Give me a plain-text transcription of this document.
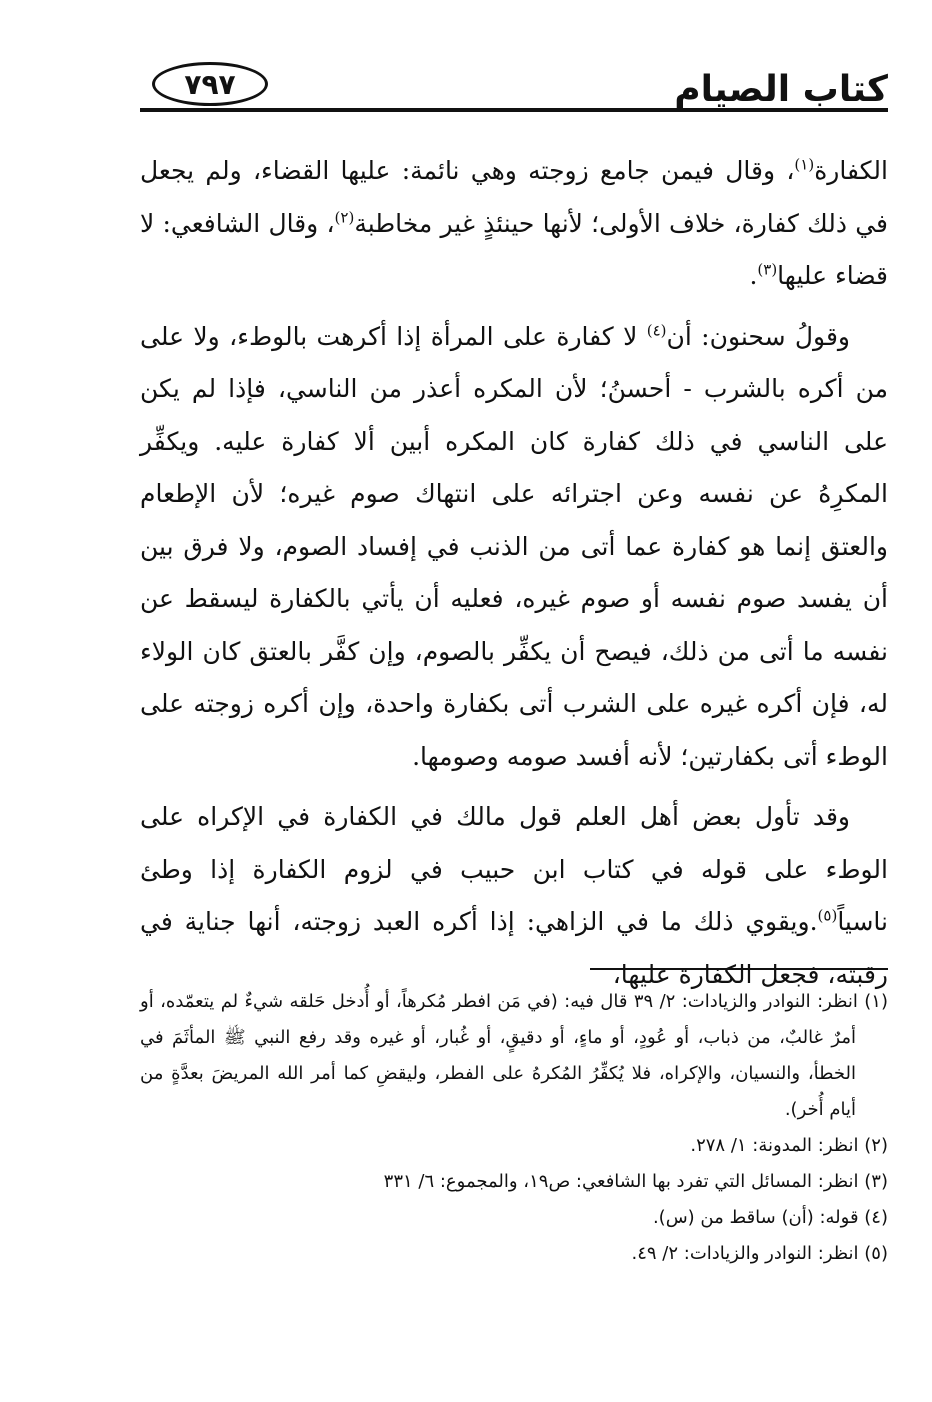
كتاب الصيام
٧٩٧

الكفارة$^{(١)}$، وقال فيمن جامع زوجته وهي نائمة: عليها القضاء، ولم يجعل في ذلك كفارة، خلاف الأولى؛ لأنها حينئذٍ غير مخاطبة$^{(٢)}$، وقال الشافعي: لا قضاء عليها$^{(٣)}$.

وقولُ سحنون: أن$^{(٤)}$ لا كفارة على المرأة إذا أكرهت بالوطء، ولا على من أكره بالشرب - أحسنُ؛ لأن المكره أعذر من الناسي، فإذا لم يكن على الناسي في ذلك كفارة كان المكره أبين ألا كفارة عليه. ويكفِّر المكرِهُ عن نفسه وعن اجترائه على انتهاك صوم غيره؛ لأن الإطعام والعتق إنما هو كفارة عما أتى من الذنب في إفساد الصوم، ولا فرق بين أن يفسد صوم نفسه أو صوم غيره، فعليه أن يأتي بالكفارة ليسقط عن نفسه ما أتى من ذلك، فيصح أن يكفِّر بالصوم، وإن كفَّر بالعتق كان الولاء له، فإن أكره غيره على الشرب أتى بكفارة واحدة، وإن أكره زوجته على الوطء أتى بكفارتين؛ لأنه أفسد صومه وصومها.

وقد تأول بعض أهل العلم قول مالك في الكفارة في الإكراه على الوطء على قوله في كتاب ابن حبيب في لزوم الكفارة إذا وطئ ناسياً$^{(٥)}$.ويقوي ذلك ما في الزاهي: إذا أكره العبد زوجته، أنها جناية في رقبته، فجعل الكفارة عليها،

(١) انظر: النوادر والزيادات: ٢/ ٣٩ قال فيه: (في مَن افطر مُكرهاً، أو أُدخل حَلقه شيءٌ لم يتعمّده، أو أمرٌ غالبٌ، من ذباب، أو عُودٍ، أو ماءٍ، أو دقيقٍ، أو غُبار، أو غيره وقد رفع النبي ﷺ المأثَمَ في الخطأ، والنسيان، والإكراه، فلا يُكفِّرُ المُكرهُ على الفطر، وليقضِ كما أمر الله المريضَ بعدَّةٍ من أيام أُخر).

(٢) انظر: المدونة: ١/ ٢٧٨.

(٣) انظر: المسائل التي تفرد بها الشافعي: ص١٩، والمجموع: ٦/ ٣٣١

(٤) قوله: (أن) ساقط من (س).

(٥) انظر: النوادر والزيادات: ٢/ ٤٩.
